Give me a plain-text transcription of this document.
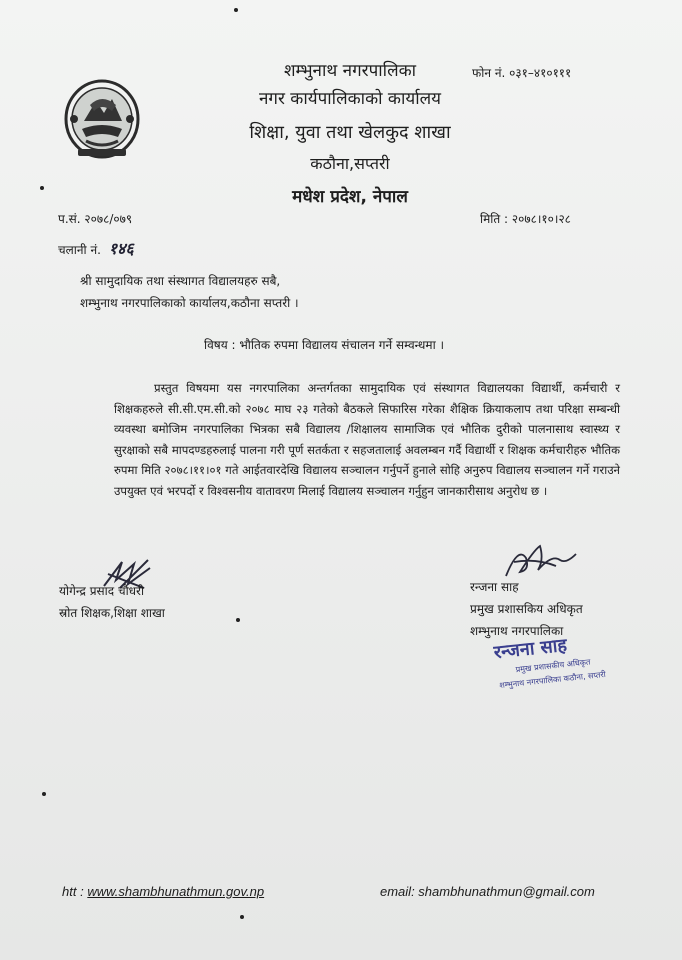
शम्भुनाथ नगरपालिका
नगर कार्यपालिकाको कार्यालय
शिक्षा, युवा तथा खेलकुद शाखा
कठौना,सप्तरी
मधेश प्रदेश, नेपाल
फोन नं. ०३१–४१०१११
प.सं. २०७८/०७९	मिति : २०७८।१०।२८
चलानी नं. १४६
श्री सामुदायिक तथा संस्थागत विद्यालयहरु सबै,
शम्भुनाथ नगरपालिकाको कार्यालय,कठौना सप्तरी ।
विषय : भौतिक रुपमा विद्यालय संचालन गर्ने सम्वन्धमा ।
प्रस्तुत विषयमा यस नगरपालिका अन्तर्गतका सामुदायिक एवं संस्थागत विद्यालयका विद्यार्थी, कर्मचारी र शिक्षकहरुले सी.सी.एम.सी.को २०७८ माघ २३ गतेको बैठकले सिफारिस गरेका शैक्षिक क्रियाकलाप तथा परिक्षा सम्बन्धी व्यवस्था बमोजिम नगरपालिका भित्रका सबै विद्यालय /शिक्षालय सामाजिक एवं भौतिक दुरीको पालनासाथ स्वास्थ्य र सुरक्षाको सबै मापदण्डहरुलाई पालना गरी पूर्ण सतर्कता र सहजतालाई अवलम्बन गर्दै विद्यार्थी र शिक्षक कर्मचारीहरु भौतिक रुपमा मिति २०७८।११।०१ गते आईतवारदेखि विद्यालय सञ्चालन गर्नुपर्ने हुनाले सोहि अनुरुप विद्यालय सञ्चालन गर्ने गराउने उपयुक्त एवं भरपर्दो र विश्वसनीय वातावरण मिलाई विद्यालय सञ्चालन गर्नुहुन जानकारीसाथ अनुरोध छ ।
योगेन्द्र प्रसाद चौधरी
स्रोत शिक्षक,शिक्षा शाखा
रन्जना साह
प्रमुख प्रशासकिय अधिकृत
शम्भुनाथ नगरपालिका
रन्जना साह
प्रमुख प्रशासकीय अधिकृत
शम्भुनाथ नगरपालिका कठौना, सप्तरी
htt : www.shambhunathmun.gov.np	email: shambhunathmun@gmail.com
